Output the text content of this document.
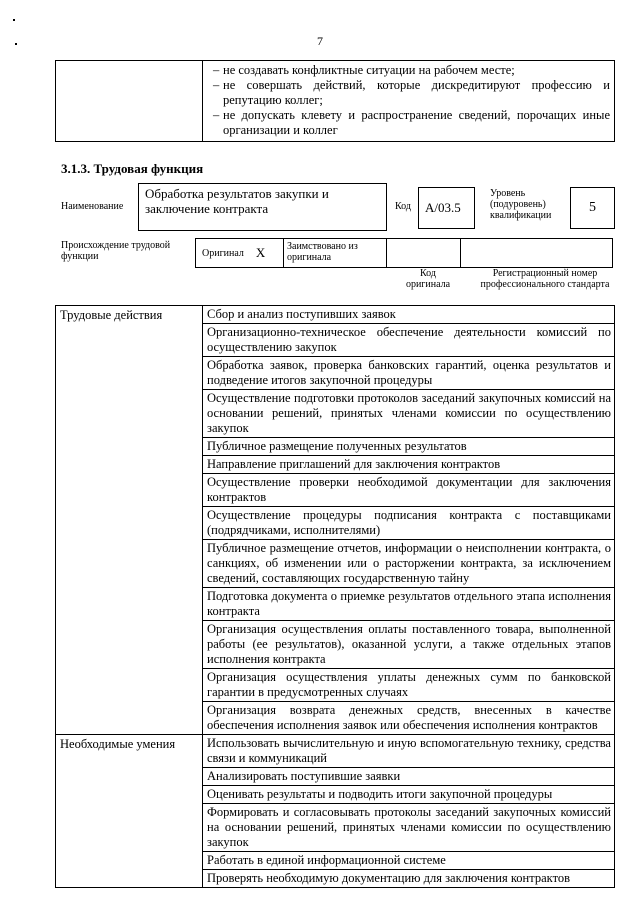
7

– не создавать конфликтные ситуации на рабочем месте;
– не совершать действий, которые дискредитируют профессию и репутацию коллег;
– не допускать клевету и распространение сведений, порочащих иные организации и коллег
3.1.3. Трудовая функция
Наименование
Обработка результатов закупки и заключение контракта	Код	А/03.5
Уровень (подуровень) квалификации
5
Происхождение трудовой функции	Оригинал X	Заимствовано из оригинала
Код оригинала
Регистрационный номер профессионального стандарта
Трудовые действия	Сбор и анализ поступивших заявок
	Организационно-техническое обеспечение деятельности комиссий по осуществлению закупок
	Обработка заявок, проверка банковских гарантий, оценка результатов и подведение итогов закупочной процедуры
	Осуществление подготовки протоколов заседаний закупочных комиссий на основании решений, принятых членами комиссии по осуществлению закупок
	Публичное размещение полученных результатов
	Направление приглашений для заключения контрактов
	Осуществление проверки необходимой документации для заключения контрактов
	Осуществление процедуры подписания контракта с поставщиками (подрядчиками, исполнителями)
	Публичное размещение отчетов, информации о неисполнении контракта, о санкциях, об изменении или о расторжении контракта, за исключением сведений, составляющих государственную тайну
	Подготовка документа о приемке результатов отдельного этапа исполнения контракта
	Организация осуществления оплаты поставленного товара, выполненной работы (ее результатов), оказанной услуги, а также отдельных этапов исполнения контракта
	Организация осуществления уплаты денежных сумм по банковской гарантии в предусмотренных случаях
	Организация возврата денежных средств, внесенных в качестве обеспечения исполнения заявок или обеспечения исполнения контрактов
Необходимые умения	Использовать вычислительную и иную вспомогательную технику, средства связи и коммуникаций
	Анализировать поступившие заявки
	Оценивать результаты и подводить итоги закупочной процедуры
	Формировать и согласовывать протоколы заседаний закупочных комиссий на основании решений, принятых членами комиссии по осуществлению закупок
	Работать в единой информационной системе
	Проверять необходимую документацию для заключения контрактов
